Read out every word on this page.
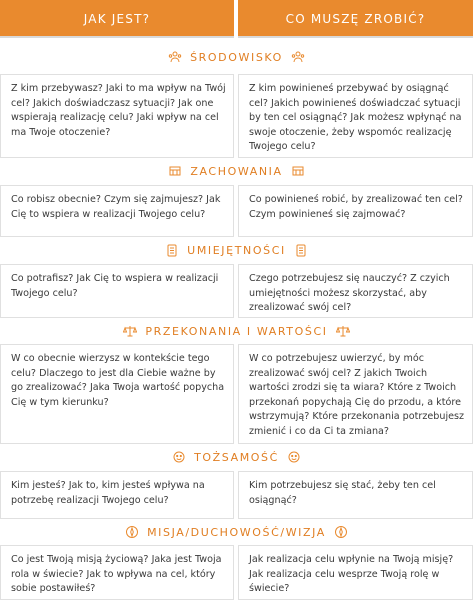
JAK JEST?	CO MUSZĘ ZROBIĆ?
ŚRODOWISKO
Z kim przebywasz? Jaki to ma wpływ na Twój cel? Jakich doświadczasz sytuacji? Jak one wspierają realizację celu? Jaki wpływ na cel ma Twoje otoczenie?
Z kim powinieneś przebywać by osiągnąć cel? Jakich powinieneś doświadczać sytuacji by ten cel osiągnąć? Jak możesz wpłynąć na swoje otoczenie, żeby wspomóc realizację Twojego celu?
ZACHOWANIA
Co robisz obecnie? Czym się zajmujesz? Jak Cię to wspiera w realizacji Twojego celu?
Co powinieneś robić, by zrealizować ten cel? Czym powinieneś się zajmować?
UMIEJĘTNOŚCI
Co potrafisz? Jak Cię to wspiera w realizacji Twojego celu?
Czego potrzebujesz się nauczyć? Z czyich umiejętności możesz skorzystać, aby zrealizować swój cel?
PRZEKONANIA I WARTOŚCI
W co obecnie wierzysz w kontekście tego celu? Dlaczego to jest dla Ciebie ważne by go zrealizować? Jaka Twoja wartość popycha Cię w tym kierunku?
W co potrzebujesz uwierzyć, by móc zrealizować swój cel? Z jakich Twoich wartości zrodzi się ta wiara? Które z Twoich przekonań popychają Cię do przodu, a które wstrzymują? Które przekonania potrzebujesz zmienić i co da Ci ta zmiana?
TOŻSAMOŚĆ
Kim jesteś? Jak to, kim jesteś wpływa na potrzebę realizacji Twojego celu?
Kim potrzebujesz się stać, żeby ten cel osiągnąć?
MISJA/DUCHOWOŚĆ/WIZJA
Co jest Twoją misją życiową? Jaka jest Twoja rola w świecie? Jak to wpływa na cel, który sobie postawiłeś?
Jak realizacja celu wpłynie na Twoją misję? Jak realizacja celu wesprze Twoją rolę w świecie?
